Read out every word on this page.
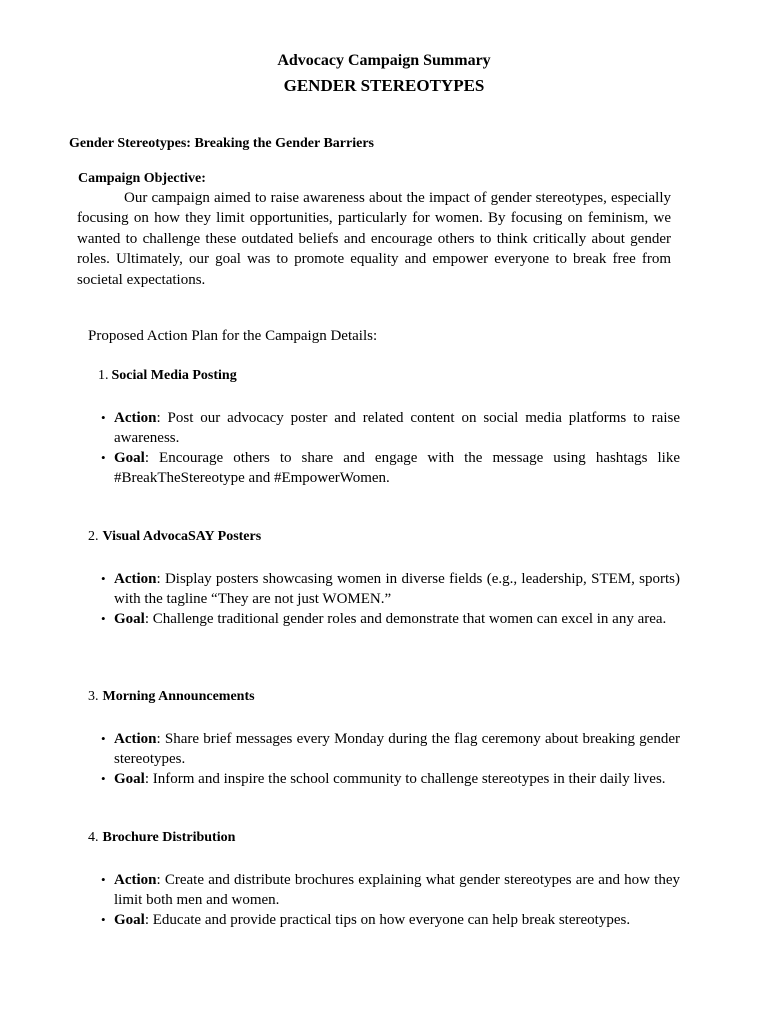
Advocacy Campaign Summary
GENDER STEREOTYPES
Gender Stereotypes: Breaking the Gender Barriers
Campaign Objective:
Our campaign aimed to raise awareness about the impact of gender stereotypes, especially focusing on how they limit opportunities, particularly for women. By focusing on feminism, we wanted to challenge these outdated beliefs and encourage others to think critically about gender roles. Ultimately, our goal was to promote equality and empower everyone to break free from societal expectations.
Proposed Action Plan for the Campaign Details:
1. Social Media Posting
• Action: Post our advocacy poster and related content on social media platforms to raise awareness.
• Goal: Encourage others to share and engage with the message using hashtags like #BreakTheStereotype and #EmpowerWomen.
2. Visual AdvocaSAY Posters
• Action: Display posters showcasing women in diverse fields (e.g., leadership, STEM, sports) with the tagline “They are not just WOMEN.”
• Goal: Challenge traditional gender roles and demonstrate that women can excel in any area.
3. Morning Announcements
• Action: Share brief messages every Monday during the flag ceremony about breaking gender stereotypes.
• Goal: Inform and inspire the school community to challenge stereotypes in their daily lives.
4. Brochure Distribution
• Action: Create and distribute brochures explaining what gender stereotypes are and how they limit both men and women.
• Goal: Educate and provide practical tips on how everyone can help break stereotypes.
